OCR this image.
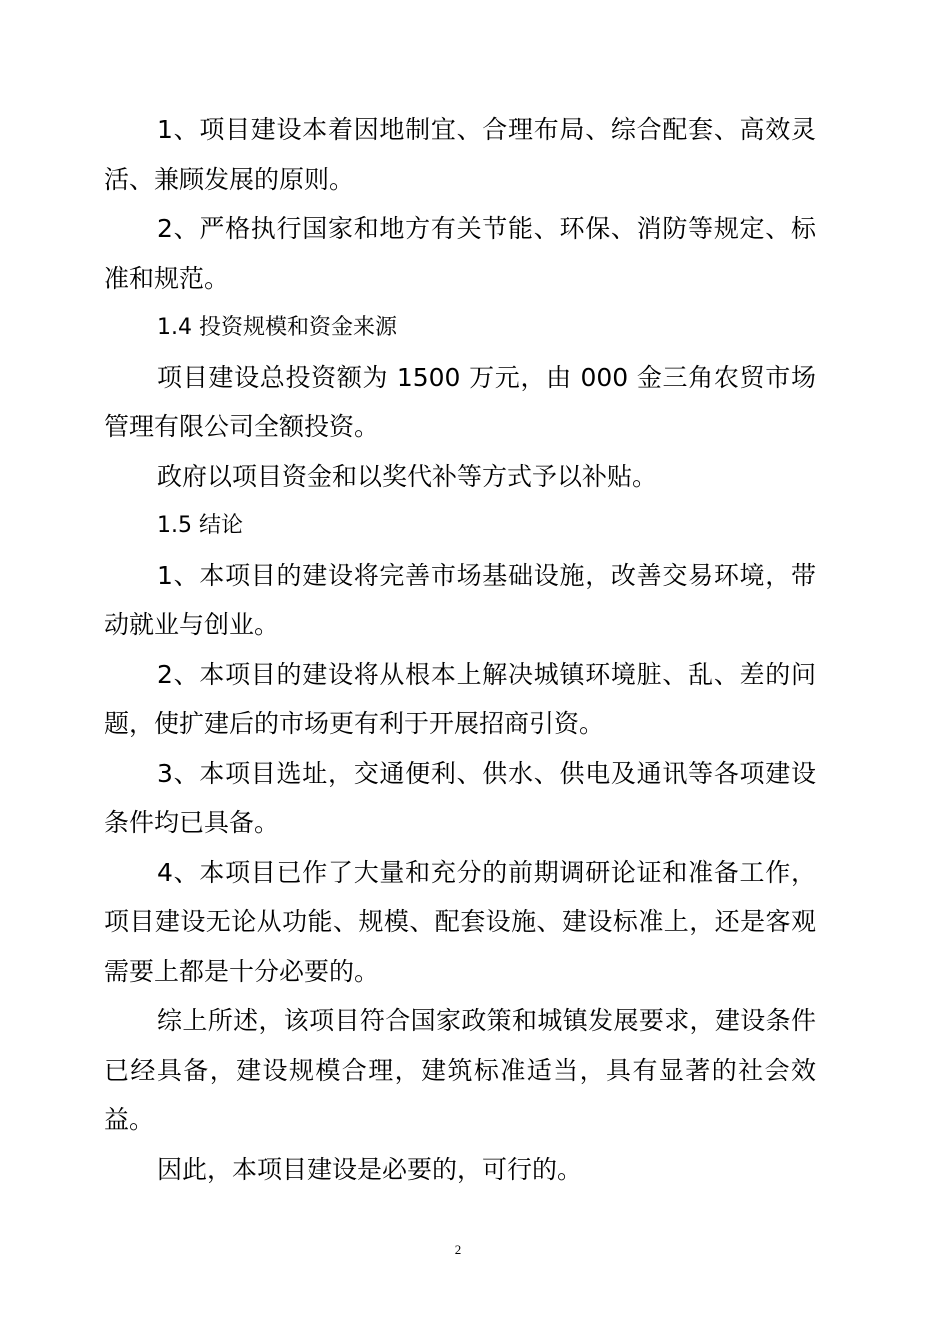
1、项目建设本着因地制宜、合理布局、综合配套、高效灵活、兼顾发展的原则。

2、严格执行国家和地方有关节能、环保、消防等规定、标准和规范。

1.4 投资规模和资金来源

项目建设总投资额为 1500 万元，由 000 金三角农贸市场管理有限公司全额投资。

政府以项目资金和以奖代补等方式予以补贴。

1.5 结论

1、本项目的建设将完善市场基础设施，改善交易环境，带动就业与创业。

2、本项目的建设将从根本上解决城镇环境脏、乱、差的问题，使扩建后的市场更有利于开展招商引资。

3、本项目选址，交通便利、供水、供电及通讯等各项建设条件均已具备。

4、本项目已作了大量和充分的前期调研论证和准备工作，项目建设无论从功能、规模、配套设施、建设标准上，还是客观需要上都是十分必要的。

综上所述，该项目符合国家政策和城镇发展要求，建设条件已经具备，建设规模合理，建筑标准适当，具有显著的社会效益。

因此，本项目建设是必要的，可行的。

2
